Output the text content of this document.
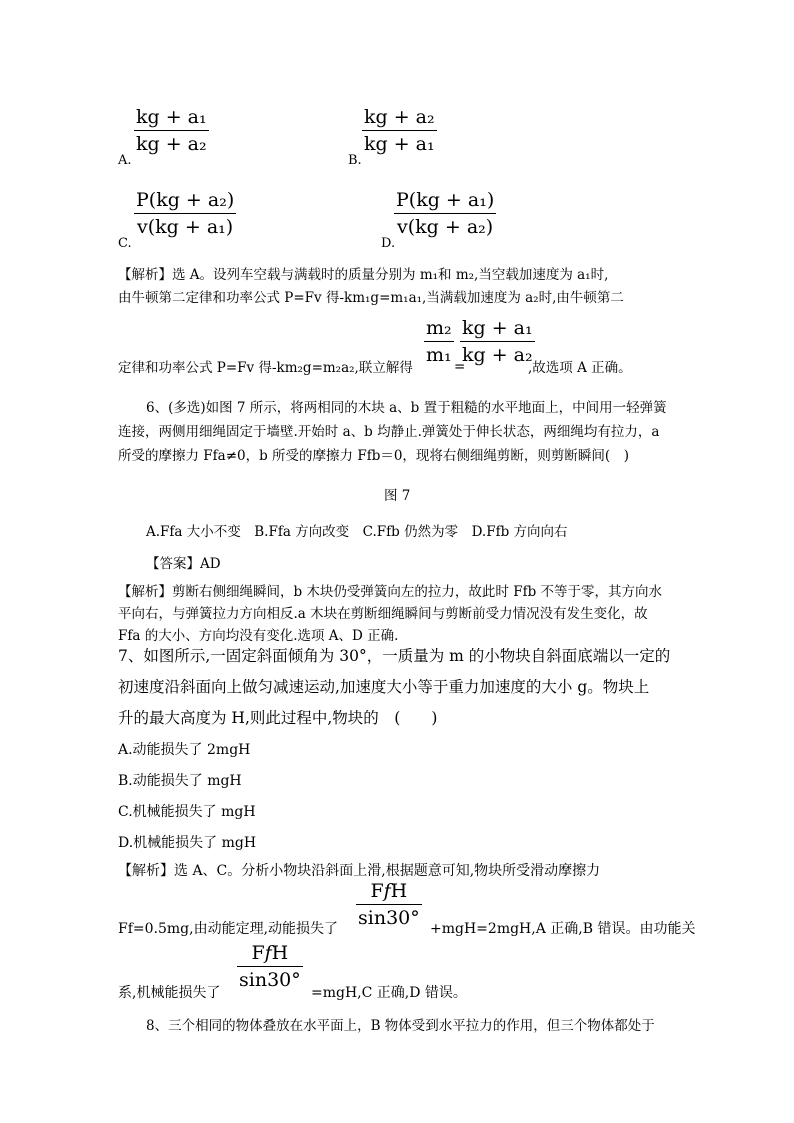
kg + a₁
kg + a₂
A.
kg + a₂
kg + a₁
B.
P(kg + a₂)
v(kg + a₁)
C.
P(kg + a₁)
v(kg + a₂)
D.
【解析】选 A。设列车空载与满载时的质量分别为 m₁和 m₂,当空载加速度为 a₁时,
由牛顿第二定律和功率公式 P=Fv 得-km₁g=m₁a₁,当满载加速度为 a₂时,由牛顿第二
m₂
m₁
=
kg + a₁
kg + a₂
定律和功率公式 P=Fv 得-km₂g=m₂a₂,联立解得	,故选项 A 正确。
6、(多选)如图 7 所示，将两相同的木块 a、b 置于粗糙的水平地面上，中间用一轻弹簧
连接，两侧用细绳固定于墙壁.开始时 a、b 均静止.弹簧处于伸长状态，两细绳均有拉力，a
所受的摩擦力 Ffa≠0，b 所受的摩擦力 Ffb＝0，现将右侧细绳剪断，则剪断瞬间(　)
图 7
A.Ffa 大小不变　B.Ffa 方向改变　C.Ffb 仍然为零　D.Ffb 方向向右
【答案】AD
【解析】剪断右侧细绳瞬间，b 木块仍受弹簧向左的拉力，故此时 Ffb 不等于零，其方向水
平向右，与弹簧拉力方向相反.a 木块在剪断细绳瞬间与剪断前受力情况没有发生变化，故
Ffa 的大小、方向均没有变化.选项 A、D 正确.
7、如图所示,一固定斜面倾角为 30°，一质量为 m 的小物块自斜面底端以一定的
初速度沿斜面向上做匀减速运动,加速度大小等于重力加速度的大小 g。物块上
升的最大高度为 H,则此过程中,物块的　(　　)
A.动能损失了 2mgH
B.动能损失了 mgH
C.机械能损失了 mgH
D.机械能损失了 mgH
【解析】选 A、C。分析小物块沿斜面上滑,根据题意可知,物块所受滑动摩擦力
F𝑓H
sin30°
Ff=0.5mg,由动能定理,动能损失了	+mgH=2mgH,A 正确,B 错误。由功能关
F𝑓H
sin30°
系,机械能损失了	=mgH,C 正确,D 错误。
8、三个相同的物体叠放在水平面上，B 物体受到水平拉力的作用，但三个物体都处于
